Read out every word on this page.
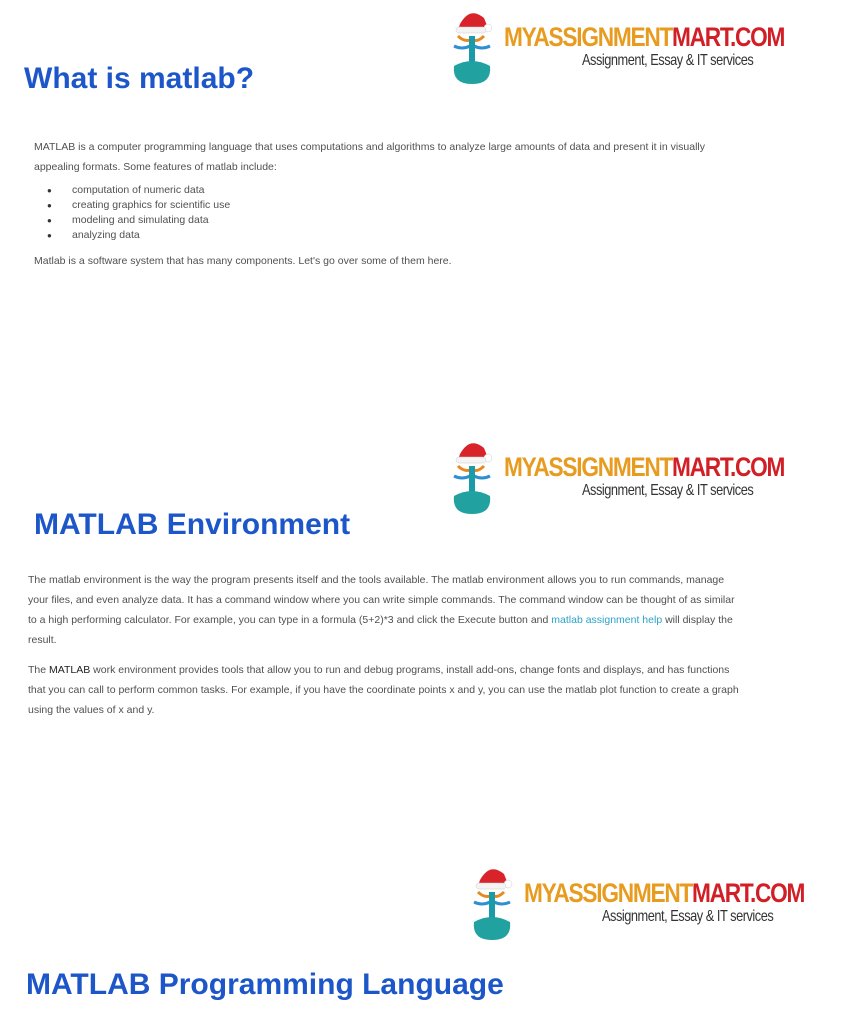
MYASSIGNMENTMART.COM
Assignment, Essay & IT services
What is matlab?

MATLAB is a computer programming language that uses computations and algorithms to analyze large amounts of data and present it in visually appealing formats. Some features of matlab include:

● computation of numeric data
● creating graphics for scientific use
● modeling and simulating data
● analyzing data

Matlab is a software system that has many components. Let's go over some of them here.

MYASSIGNMENTMART.COM
Assignment, Essay & IT services
MATLAB Environment

The matlab environment is the way the program presents itself and the tools available. The matlab environment allows you to run commands, manage your files, and even analyze data. It has a command window where you can write simple commands. The command window can be thought of as similar to a high performing calculator. For example, you can type in a formula (5+2)*3 and click the Execute button and matlab assignment help will display the result.

The MATLAB work environment provides tools that allow you to run and debug programs, install add-ons, change fonts and displays, and has functions that you can call to perform common tasks. For example, if you have the coordinate points x and y, you can use the matlab plot function to create a graph using the values of x and y.

MYASSIGNMENTMART.COM
Assignment, Essay & IT services
MATLAB Programming Language
